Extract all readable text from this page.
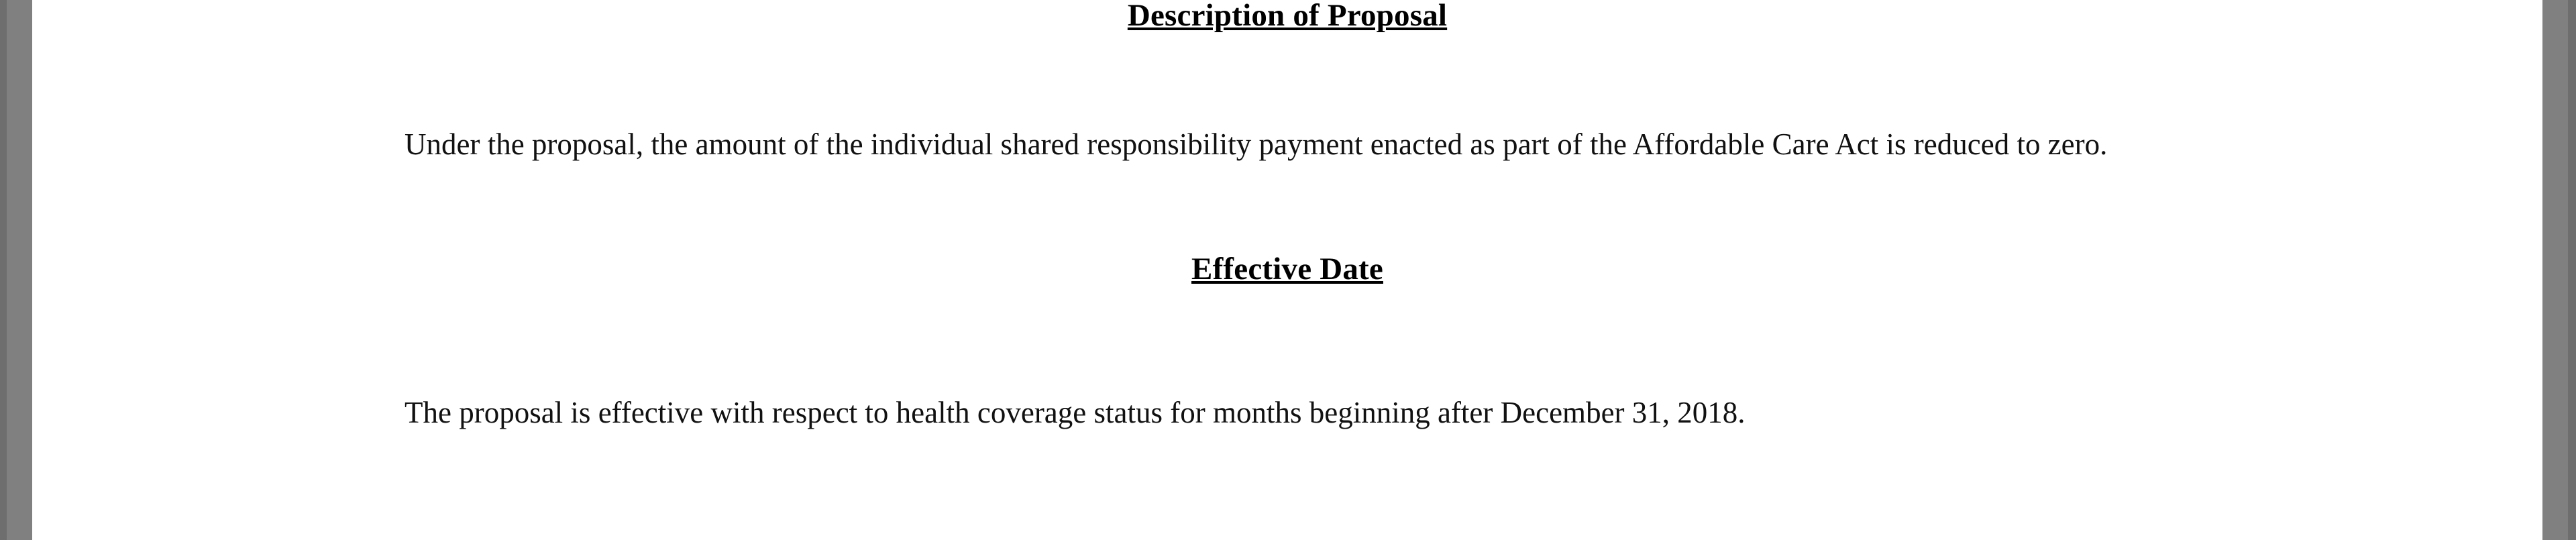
Description of Proposal

Under the proposal, the amount of the individual shared responsibility payment enacted as part of the Affordable Care Act is reduced to zero.

Effective Date

The proposal is effective with respect to health coverage status for months beginning after December 31, 2018.
